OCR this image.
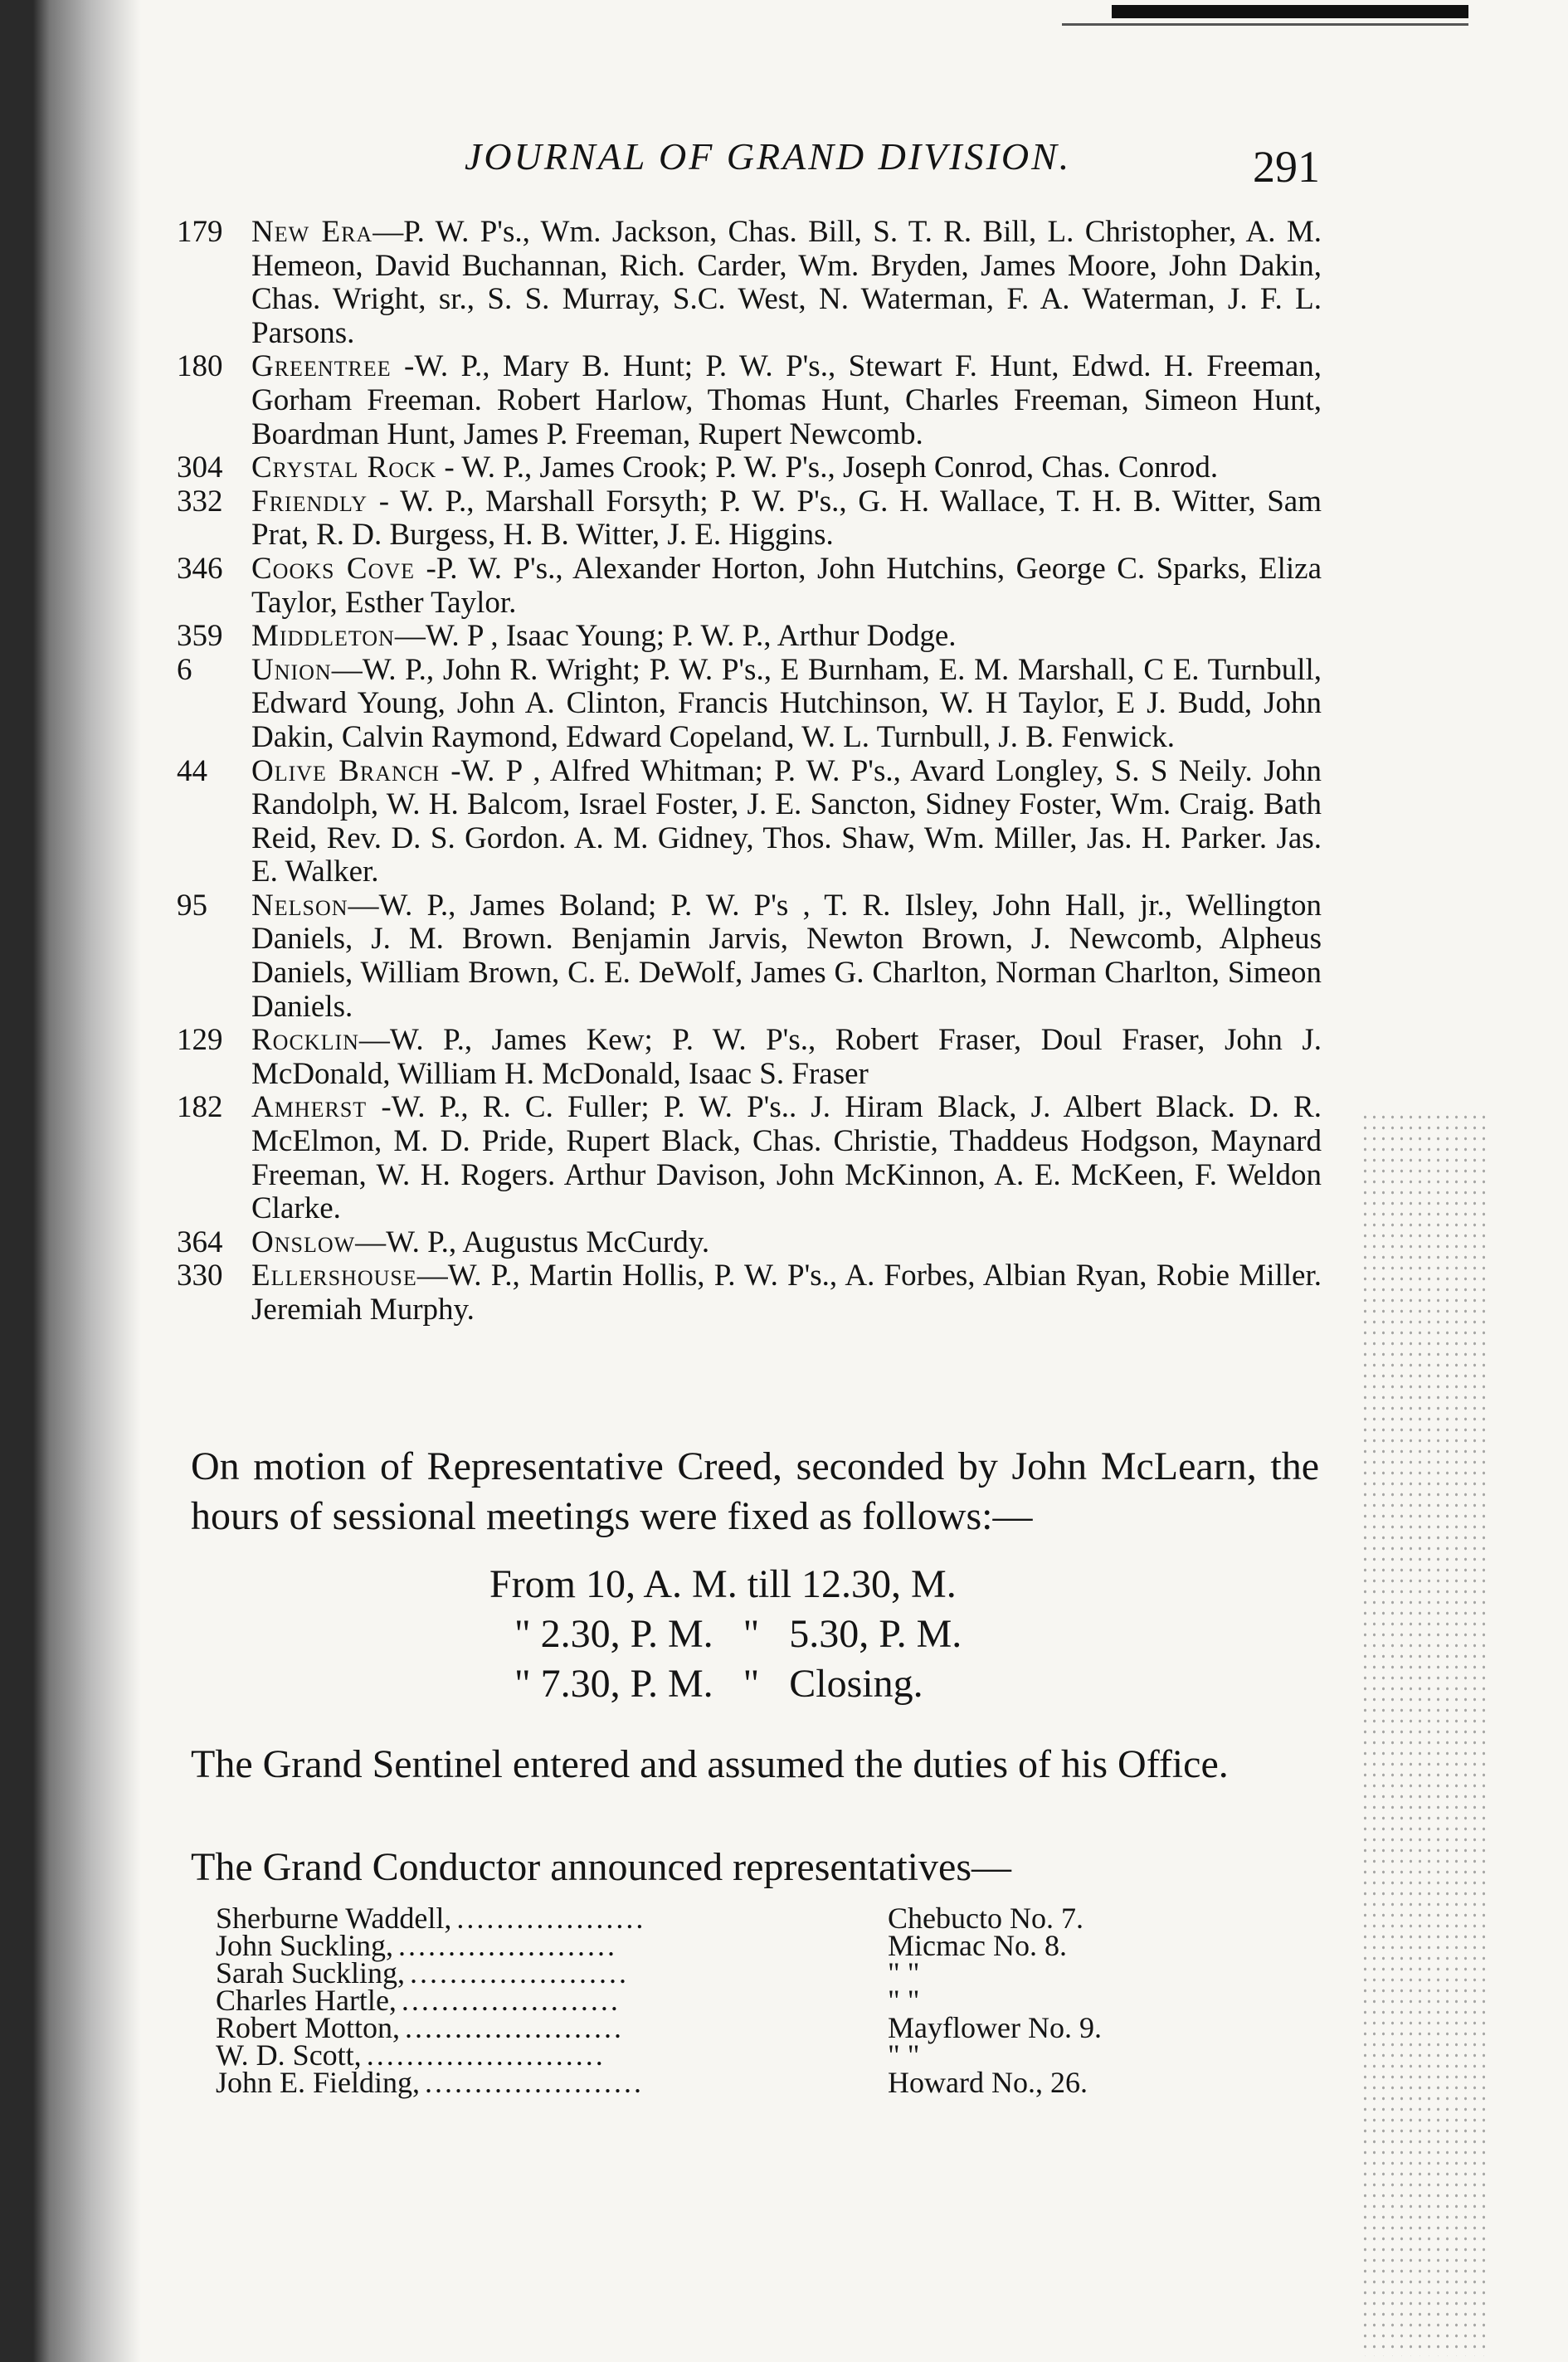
JOURNAL OF GRAND DIVISION.	291
179 New Era—P. W. P's., Wm. Jackson, Chas. Bill, S. T. R. Bill, L. Christopher, A. M. Hemeon, David Buchannan, Rich. Carder, Wm. Bryden, James Moore, John Dakin, Chas. Wright, sr., S. S. Murray, S.C. West, N. Waterman, F. A. Waterman, J. F. L. Parsons.
180 Greentree -W. P., Mary B. Hunt; P. W. P's., Stewart F. Hunt, Edwd. H. Freeman, Gorham Freeman. Robert Harlow, Thomas Hunt, Charles Freeman, Simeon Hunt, Boardman Hunt, James P. Freeman, Rupert Newcomb.
304 Crystal Rock - W. P., James Crook; P. W. P's., Joseph Conrod, Chas. Conrod.
332 Friendly - W. P., Marshall Forsyth; P. W. P's., G. H. Wallace, T. H. B. Witter, Sam Prat, R. D. Burgess, H. B. Witter, J. E. Higgins.
346 Cooks Cove -P. W. P's., Alexander Horton, John Hutchins, George C. Sparks, Eliza Taylor, Esther Taylor.
359 Middleton—W. P , Isaac Young; P. W. P., Arthur Dodge.
6 Union—W. P., John R. Wright; P. W. P's., E Burnham, E. M. Marshall, C E. Turnbull, Edward Young, John A. Clinton, Francis Hutchinson, W. H Taylor, E J. Budd, John Dakin, Calvin Raymond, Edward Copeland, W. L. Turnbull, J. B. Fenwick.
44 Olive Branch -W. P , Alfred Whitman; P. W. P's., Avard Longley, S. S Neily. John Randolph, W. H. Balcom, Israel Foster, J. E. Sancton, Sidney Foster, Wm. Craig. Bath Reid, Rev. D. S. Gordon. A. M. Gidney, Thos. Shaw, Wm. Miller, Jas. H. Parker. Jas. E. Walker.
95 Nelson—W. P., James Boland; P. W. P's , T. R. Ilsley, John Hall, jr., Wellington Daniels, J. M. Brown. Benjamin Jarvis, Newton Brown, J. Newcomb, Alpheus Daniels, William Brown, C. E. DeWolf, James G. Charlton, Norman Charlton, Simeon Daniels.
129 Rocklin—W. P., James Kew; P. W. P's., Robert Fraser, Doul Fraser, John J. McDonald, William H. McDonald, Isaac S. Fraser
182 Amherst -W. P., R. C. Fuller; P. W. P's.. J. Hiram Black, J. Albert Black. D. R. McElmon, M. D. Pride, Rupert Black, Chas. Christie, Thaddeus Hodgson, Maynard Freeman, W. H. Rogers. Arthur Davison, John McKinnon, A. E. McKeen, F. Weldon Clarke.
364 Onslow—W. P., Augustus McCurdy.
330 Ellershouse—W. P., Martin Hollis, P. W. P's., A. Forbes, Albian Ryan, Robie Miller. Jeremiah Murphy.
On motion of Representative Creed, seconded by John McLearn, the hours of sessional meetings were fixed as follows:—
From 10, A. M. till 12.30, M.
" 2.30, P. M.   "   5.30, P. M.
" 7.30, P. M.   "   Closing.
The Grand Sentinel entered and assumed the duties of his Office.
The Grand Conductor announced representatives—
Sherburne Waddell, ...................	Chebucto No. 7.
John Suckling, ......................	Micmac No. 8.
Sarah Suckling, ......................	" "
Charles Hartle, ......................	" "
Robert Motton, ......................	Mayflower No. 9.
W. D. Scott, ........................	" "
John E. Fielding, ......................	Howard No., 26.
